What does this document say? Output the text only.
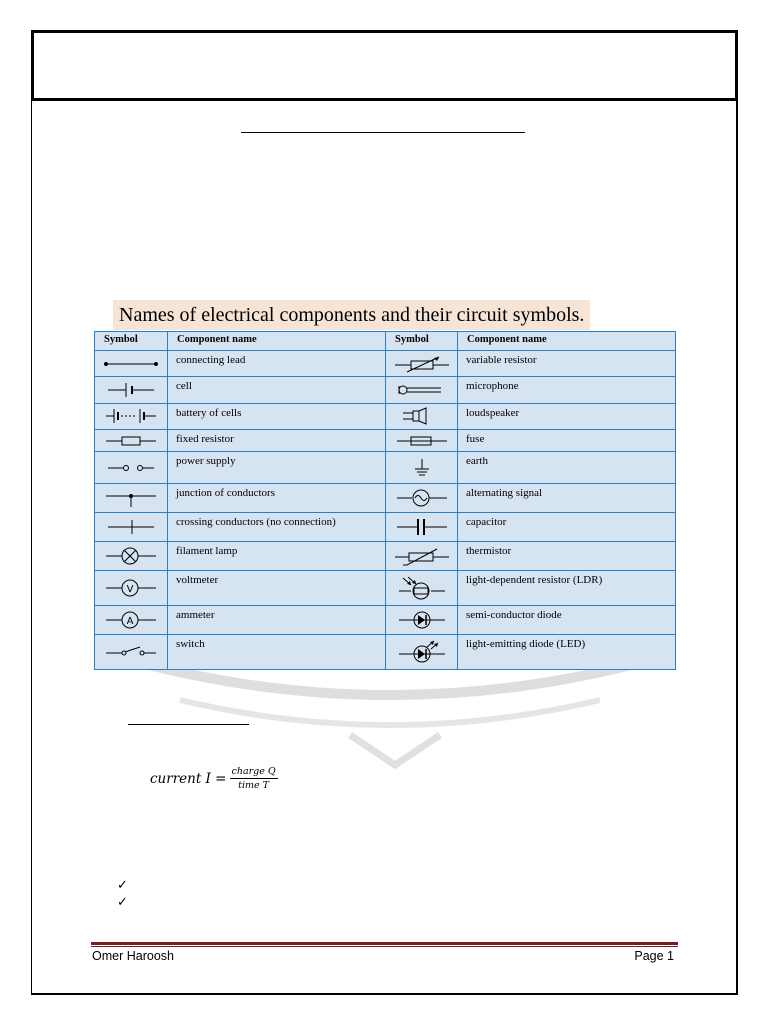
Names of electrical components and their circuit symbols.
Symbol	Component name	Symbol	Component name

	connecting lead		variable resistor

	cell		microphone

	battery of cells		loudspeaker

	fixed resistor		fuse

	power supply		earth

	junction of conductors		alternating signal

	crossing conductors (no connection)		capacitor

	filament lamp		thermistor

V	voltmeter		light-dependent resistor (LDR)

A	ammeter		semi-conductor diode

	switch		light-emitting diode (LED)
current $I = \frac{\text{charge Q}}{\text{time T}}$
✓
✓
Omer Haroosh	Page 1
